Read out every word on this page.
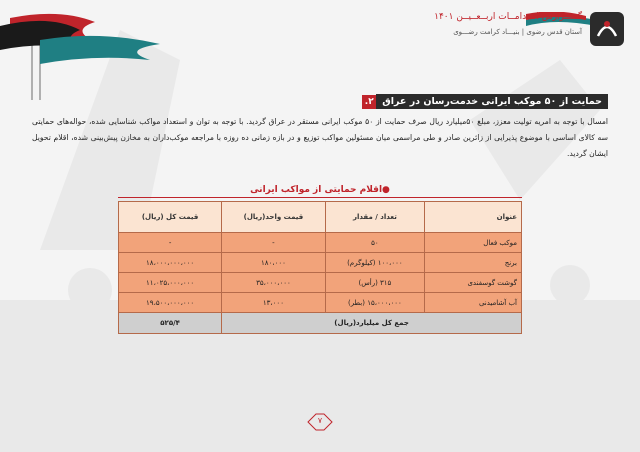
گـــــزارش اقــدامــات اربــعــیــن ۱۴۰۱
آستان قدس رضوی | بنیـــاد کرامت رضـــوی
۲. حمایت از ۵۰ موکب ایرانی خدمت‌رسان در عراق
امسال با توجه به امریه تولیت معزز، مبلغ ۵۰میلیارد ریال صرف حمایت از ۵۰ موکب ایرانی مستقر در عراق گردید. با توجه به توان و استعداد مواکب شناسایی شده، حواله‌های حمایتی سه کالای اساسی با موضوع پذیرایی از زائرین صادر و طی مراسمی میان مسئولین مواکب توزیع و در بازه زمانی ده روزه با مراجعه موکب‌داران به مخازن پیش‌بینی شده، اقلام تحویل ایشان گردید.
●اقلام حمایتی از مواکب ایرانی
عنوان	تعداد / مقدار	قیمت واحد(ریال)	قیمت کل (ریال)
موکب فعال	۵۰	-	-
برنج	۱۰۰،۰۰۰ (کیلوگرم)	۱۸۰،۰۰۰	۱۸،۰۰۰،۰۰۰،۰۰۰
گوشت گوسفندی	۳۱۵ (رأس)	۳۵،۰۰۰،۰۰۰	۱۱،۰۲۵،۰۰۰،۰۰۰
آب آشامیدنی	۱۵،۰۰۰،۰۰۰ (بطر)	۱۳،۰۰۰	۱۹،۵۰۰،۰۰۰،۰۰۰
جمع کل میلیارد(ریال)			۵۲۵/۴
۷
